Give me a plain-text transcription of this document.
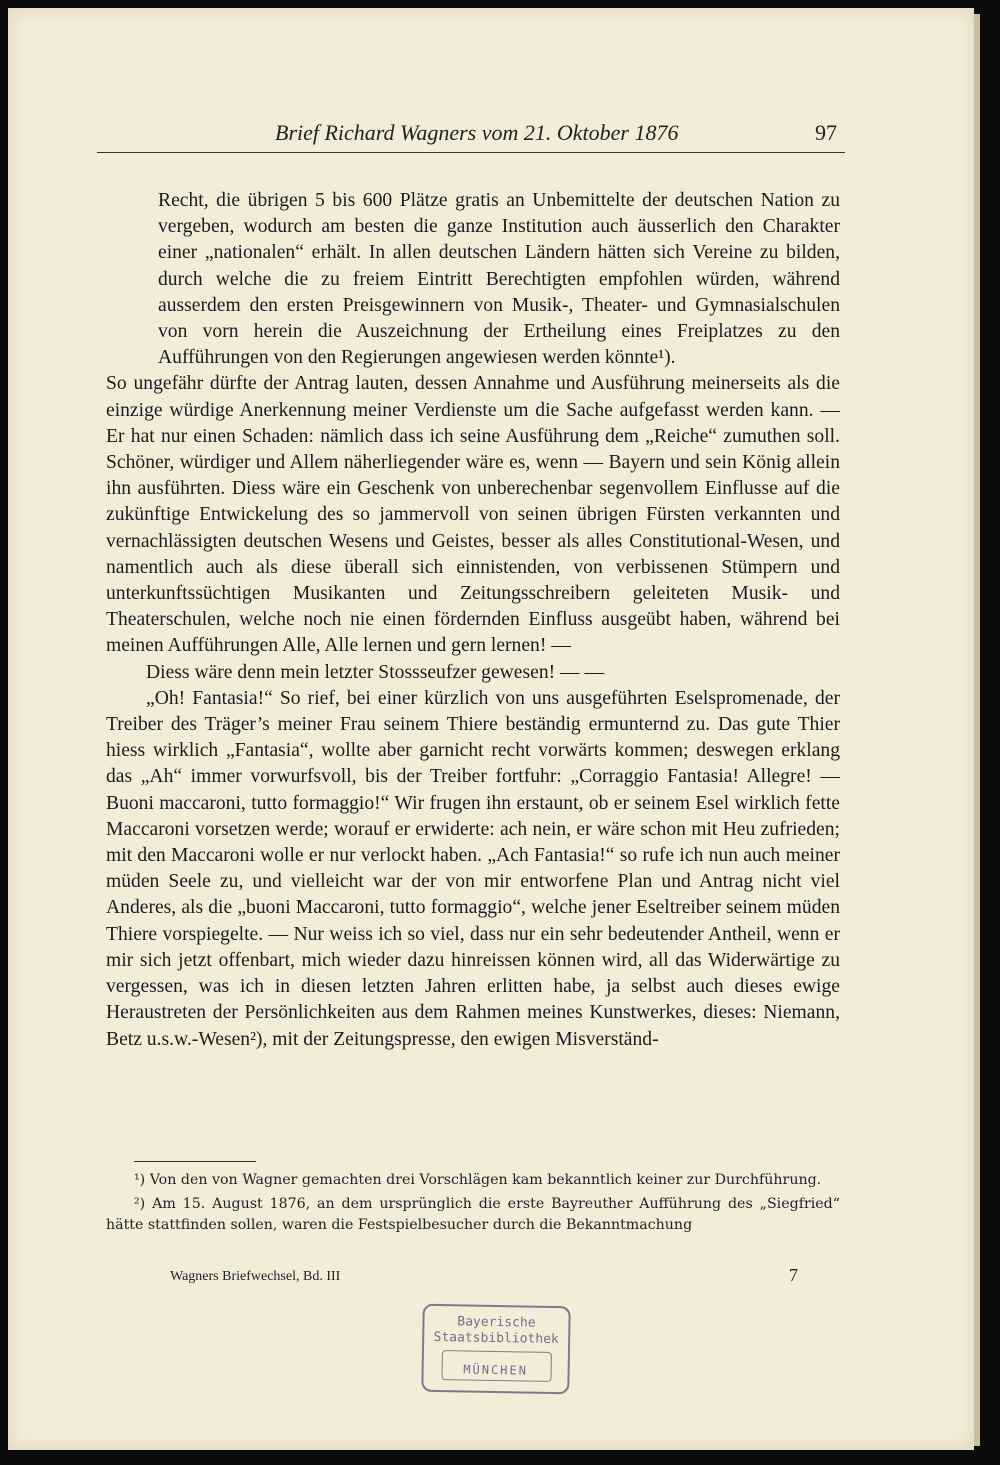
Brief Richard Wagners vom 21. Oktober 1876	97

Recht, die übrigen 5 bis 600 Plätze gratis an Unbemittelte der deutschen Nation zu vergeben, wodurch am besten die ganze Institution auch äusserlich den Charakter einer „nationalen“ erhält. In allen deutschen Ländern hätten sich Vereine zu bilden, durch welche die zu freiem Eintritt Berechtigten empfohlen würden, während ausserdem den ersten Preisgewinnern von Musik-, Theater- und Gymnasialschulen von vorn herein die Auszeichnung der Ertheilung eines Freiplatzes zu den Aufführungen von den Regierungen angewiesen werden könnte¹).

So ungefähr dürfte der Antrag lauten, dessen Annahme und Ausführung meinerseits als die einzige würdige Anerkennung meiner Verdienste um die Sache aufgefasst werden kann. — Er hat nur einen Schaden: nämlich dass ich seine Ausführung dem „Reiche“ zumuthen soll. Schöner, würdiger und Allem näherliegender wäre es, wenn — Bayern und sein König allein ihn ausführten. Diess wäre ein Geschenk von unberechenbar segenvollem Einflusse auf die zukünftige Entwickelung des so jammervoll von seinen übrigen Fürsten verkannten und vernachlässigten deutschen Wesens und Geistes, besser als alles Constitutional-Wesen, und namentlich auch als diese überall sich einnistenden, von verbissenen Stümpern und unterkunftssüchtigen Musikanten und Zeitungsschreibern geleiteten Musik- und Theaterschulen, welche noch nie einen fördernden Einfluss ausgeübt haben, während bei meinen Aufführungen Alle, Alle lernen und gern lernen! —

Diess wäre denn mein letzter Stossseufzer gewesen! — —

„Oh! Fantasia!“ So rief, bei einer kürzlich von uns ausgeführten Eselspromenade, der Treiber des Träger’s meiner Frau seinem Thiere beständig ermunternd zu. Das gute Thier hiess wirklich „Fantasia“, wollte aber garnicht recht vorwärts kommen; deswegen erklang das „Ah“ immer vorwurfsvoll, bis der Treiber fortfuhr: „Corraggio Fantasia! Allegre! — Buoni maccaroni, tutto formaggio!“ Wir frugen ihn erstaunt, ob er seinem Esel wirklich fette Maccaroni vorsetzen werde; worauf er erwiderte: ach nein, er wäre schon mit Heu zufrieden; mit den Maccaroni wolle er nur verlockt haben. „Ach Fantasia!“ so rufe ich nun auch meiner müden Seele zu, und vielleicht war der von mir entworfene Plan und Antrag nicht viel Anderes, als die „buoni Maccaroni, tutto formaggio“, welche jener Eseltreiber seinem müden Thiere vorspiegelte. — Nur weiss ich so viel, dass nur ein sehr bedeutender Antheil, wenn er mir sich jetzt offenbart, mich wieder dazu hinreissen können wird, all das Widerwärtige zu vergessen, was ich in diesen letzten Jahren erlitten habe, ja selbst auch dieses ewige Heraustreten der Persönlichkeiten aus dem Rahmen meines Kunstwerkes, dieses: Niemann, Betz u.s.w.-Wesen²), mit der Zeitungspresse, den ewigen Misverständ-

¹) Von den von Wagner gemachten drei Vorschlägen kam bekanntlich keiner zur Durchführung.

²) Am 15. August 1876, an dem ursprünglich die erste Bayreuther Aufführung des „Siegfried“ hätte stattfinden sollen, waren die Festspielbesucher durch die Bekanntmachung

Wagners Briefwechsel, Bd. III	7
Bayerische
Staatsbibliothek
MÜNCHEN
